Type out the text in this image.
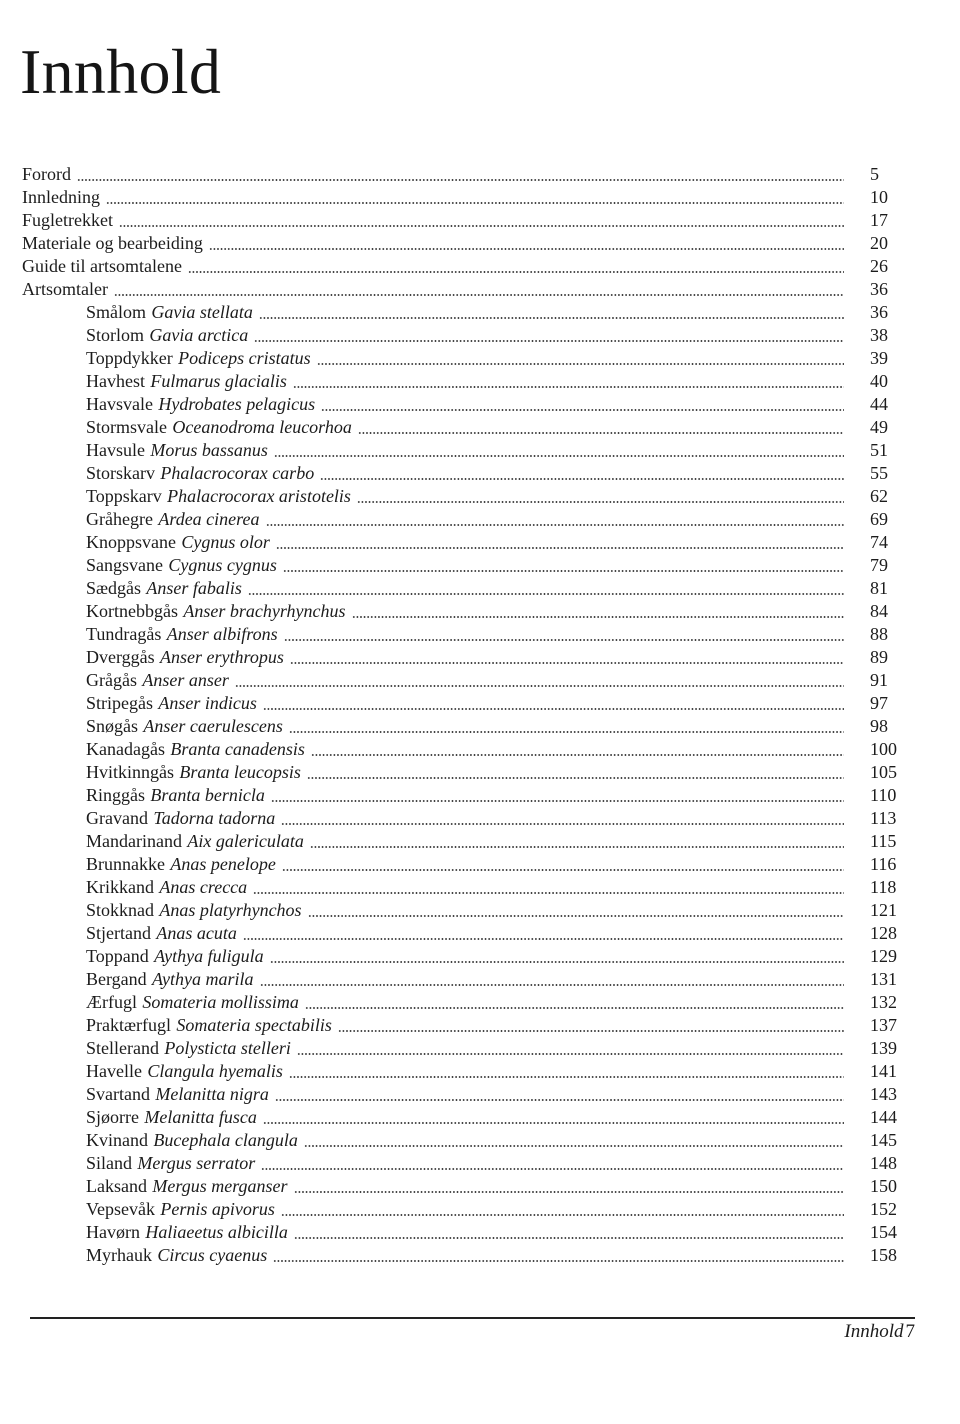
Innhold
Forord	5
Innledning	10
Fugletrekket	17
Materiale og bearbeiding	20
Guide til artsomtalene	26
Artsomtaler	36
Smålom Gavia stellata	36
Storlom Gavia arctica	38
Toppdykker Podiceps cristatus	39
Havhest Fulmarus glacialis	40
Havsvale Hydrobates pelagicus	44
Stormsvale Oceanodroma leucorhoa	49
Havsule Morus bassanus	51
Storskarv Phalacrocorax carbo	55
Toppskarv Phalacrocorax aristotelis	62
Gråhegre Ardea cinerea	69
Knoppsvane Cygnus olor	74
Sangsvane Cygnus cygnus	79
Sædgås Anser fabalis	81
Kortnebbgås Anser brachyrhynchus	84
Tundragås Anser albifrons	88
Dverggås Anser erythropus	89
Grågås Anser anser	91
Stripegås Anser indicus	97
Snøgås Anser caerulescens	98
Kanadagås Branta canadensis	100
Hvitkinngås Branta leucopsis	105
Ringgås Branta bernicla	110
Gravand Tadorna tadorna	113
Mandarinand Aix galericulata	115
Brunnakke Anas penelope	116
Krikkand Anas crecca	118
Stokknad Anas platyrhynchos	121
Stjertand Anas acuta	128
Toppand Aythya fuligula	129
Bergand Aythya marila	131
Ærfugl Somateria mollissima	132
Praktærfugl Somateria spectabilis	137
Stellerand Polysticta stelleri	139
Havelle Clangula hyemalis	141
Svartand Melanitta nigra	143
Sjøorre Melanitta fusca	144
Kvinand Bucephala clangula	145
Siland Mergus serrator	148
Laksand Mergus merganser	150
Vepsevåk Pernis apivorus	152
Havørn Haliaeetus albicilla	154
Myrhauk Circus cyaenus	158
Innhold 7
